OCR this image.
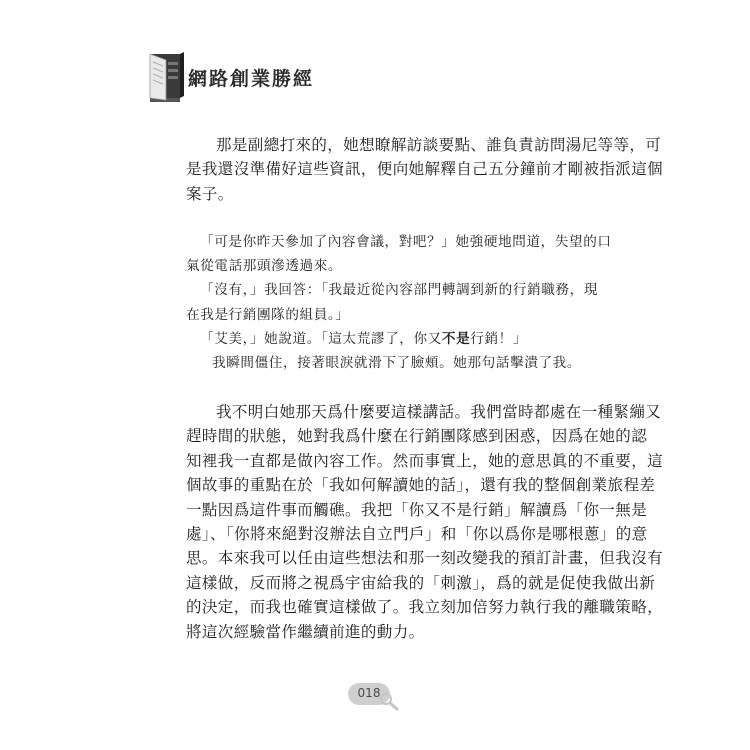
網路創業勝經
那是副總打來的，她想瞭解訪談要點、誰負責訪問湯尼等等，可
是我還沒準備好這些資訊，便向她解釋自己五分鐘前才剛被指派這個
案子。
「可是你昨天參加了內容會議，對吧？」她強硬地問道，失望的口
氣從電話那頭滲透過來。
「沒有，」我回答：「我最近從內容部門轉調到新的行銷職務，現
在我是行銷團隊的組員。」
「艾美，」她說道。「這太荒謬了，你又不是行銷！」
我瞬間僵住，接著眼淚就滑下了臉頰。她那句話擊潰了我。
我不明白她那天爲什麼要這樣講話。我們當時都處在一種緊繃又
趕時間的狀態，她對我爲什麼在行銷團隊感到困惑，因爲在她的認
知裡我一直都是做內容工作。然而事實上，她的意思眞的不重要，這
個故事的重點在於「我如何解讀她的話」，還有我的整個創業旅程差
一點因爲這件事而觸礁。我把「你又不是行銷」解讀爲「你一無是
處」、「你將來絕對沒辦法自立門戶」和「你以爲你是哪根蔥」的意
思。本來我可以任由這些想法和那一刻改變我的預訂計畫，但我沒有
這樣做，反而將之視爲宇宙給我的「刺激」，爲的就是促使我做出新
的決定，而我也確實這樣做了。我立刻加倍努力執行我的離職策略，
將這次經驗當作繼續前進的動力。
018
